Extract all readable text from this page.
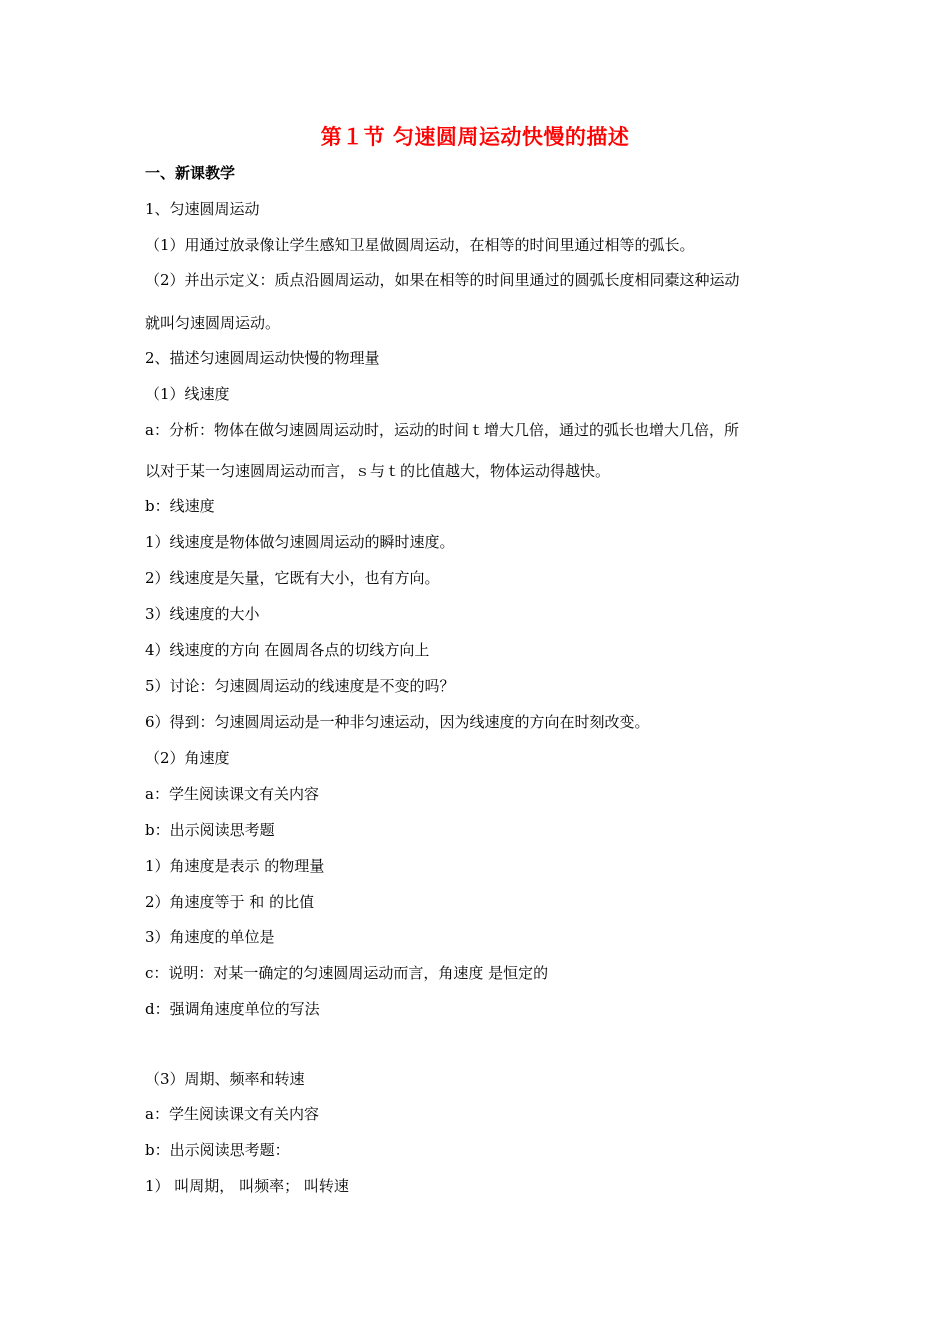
第１节 匀速圆周运动快慢的描述
一、新课教学
1、匀速圆周运动
（1）用通过放录像让学生感知卫星做圆周运动，在相等的时间里通过相等的弧长。
（2）并出示定义：质点沿圆周运动，如果在相等的时间里通过的圆弧长度相同橐这种运动
就叫匀速圆周运动。
2、描述匀速圆周运动快慢的物理量
（1）线速度
a：分析：物体在做匀速圆周运动时，运动的时间ｔ增大几倍，通过的弧长也增大几倍，所
以对于某一匀速圆周运动而言，ｓ与ｔ的比值越大，物体运动得越快。
b：线速度
1）线速度是物体做匀速圆周运动的瞬时速度。
2）线速度是矢量，它既有大小，也有方向。
3）线速度的大小
4）线速度的方向 在圆周各点的切线方向上
5）讨论：匀速圆周运动的线速度是不变的吗？
6）得到：匀速圆周运动是一种非匀速运动，因为线速度的方向在时刻改变。
（2）角速度
a：学生阅读课文有关内容
b：出示阅读思考题
1）角速度是表示 的物理量
2）角速度等于 和 的比值
3）角速度的单位是
c：说明：对某一确定的匀速圆周运动而言，角速度 是恒定的
d：强调角速度单位的写法
（3）周期、频率和转速
a：学生阅读课文有关内容
b：出示阅读思考题：
1） 叫周期， 叫频率； 叫转速
